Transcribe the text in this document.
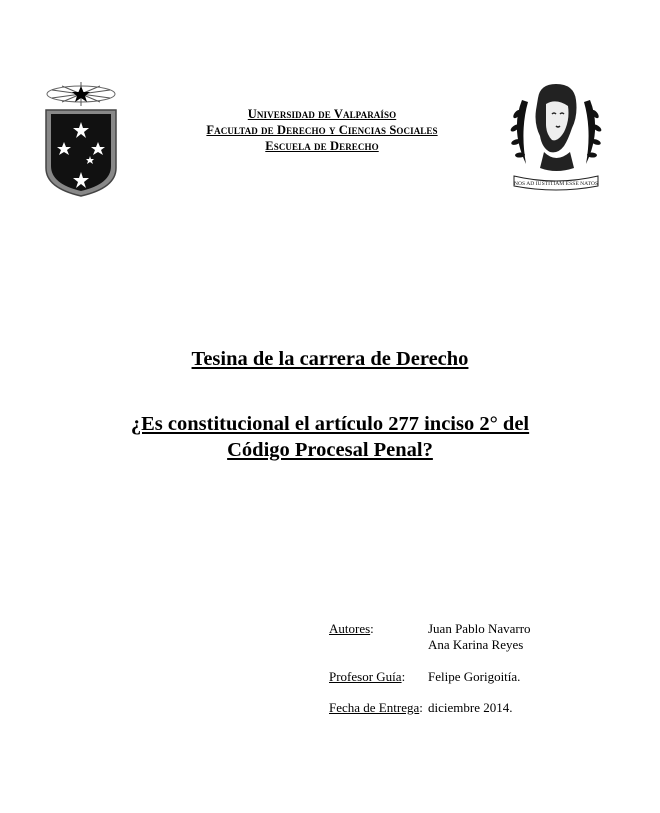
Universidad de Valparaíso
Facultad de Derecho y Ciencias Sociales
Escuela de Derecho
NOS AD IUSTITIAM ESSE NATOS
Tesina de la carrera de Derecho
¿Es constitucional el artículo 277 inciso 2° del
Código Procesal Penal?
Autores:	Juan Pablo Navarro
Ana Karina Reyes
Profesor Guía: Felipe Gorigoitía.
Fecha de Entrega: diciembre 2014.
